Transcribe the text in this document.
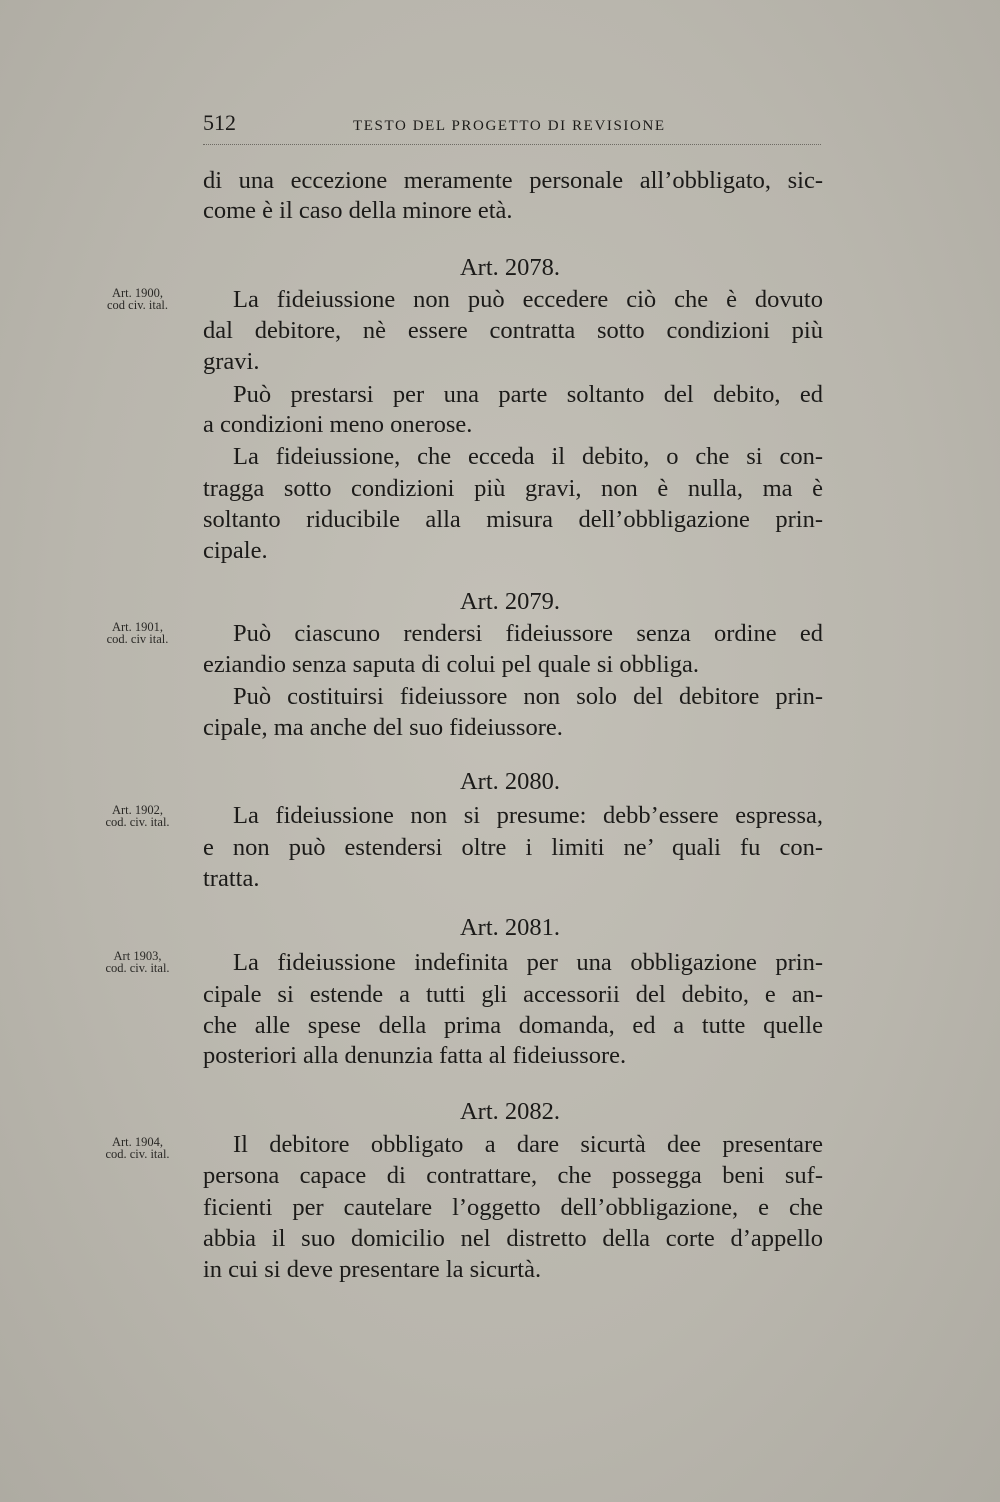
512	TESTO DEL PROGETTO DI REVISIONE
di una eccezione meramente personale all’obbligato, sic-
come è il caso della minore età.
Art. 2078.
Art. 1900,
cod civ. ital.	La fideiussione non può eccedere ciò che è dovuto
dal debitore, nè essere contratta sotto condizioni più
gravi.
Può prestarsi per una parte soltanto del debito, ed
a condizioni meno onerose.
La fideiussione, che ecceda il debito, o che si con-
tragga sotto condizioni più gravi, non è nulla, ma è
soltanto riducibile alla misura dell’obbligazione prin-
cipale.
Art. 2079.
Art. 1901,
cod. civ ital.	Può ciascuno rendersi fideiussore senza ordine ed
eziandio senza saputa di colui pel quale si obbliga.
Può costituirsi fideiussore non solo del debitore prin-
cipale, ma anche del suo fideiussore.
Art. 2080.
Art. 1902,
cod. civ. ital.	La fideiussione non si presume: debb’essere espressa,
e non può estendersi oltre i limiti ne’ quali fu con-
tratta.
Art. 2081.
Art 1903,
cod. civ. ital.	La fideiussione indefinita per una obbligazione prin-
cipale si estende a tutti gli accessorii del debito, e an-
che alle spese della prima domanda, ed a tutte quelle
posteriori alla denunzia fatta al fideiussore.
Art. 2082.
Art. 1904,
cod. civ. ital.	Il debitore obbligato a dare sicurtà dee presentare
persona capace di contrattare, che possegga beni suf-
ficienti per cautelare l’oggetto dell’obbligazione, e che
abbia il suo domicilio nel distretto della corte d’appello
in cui si deve presentare la sicurtà.
